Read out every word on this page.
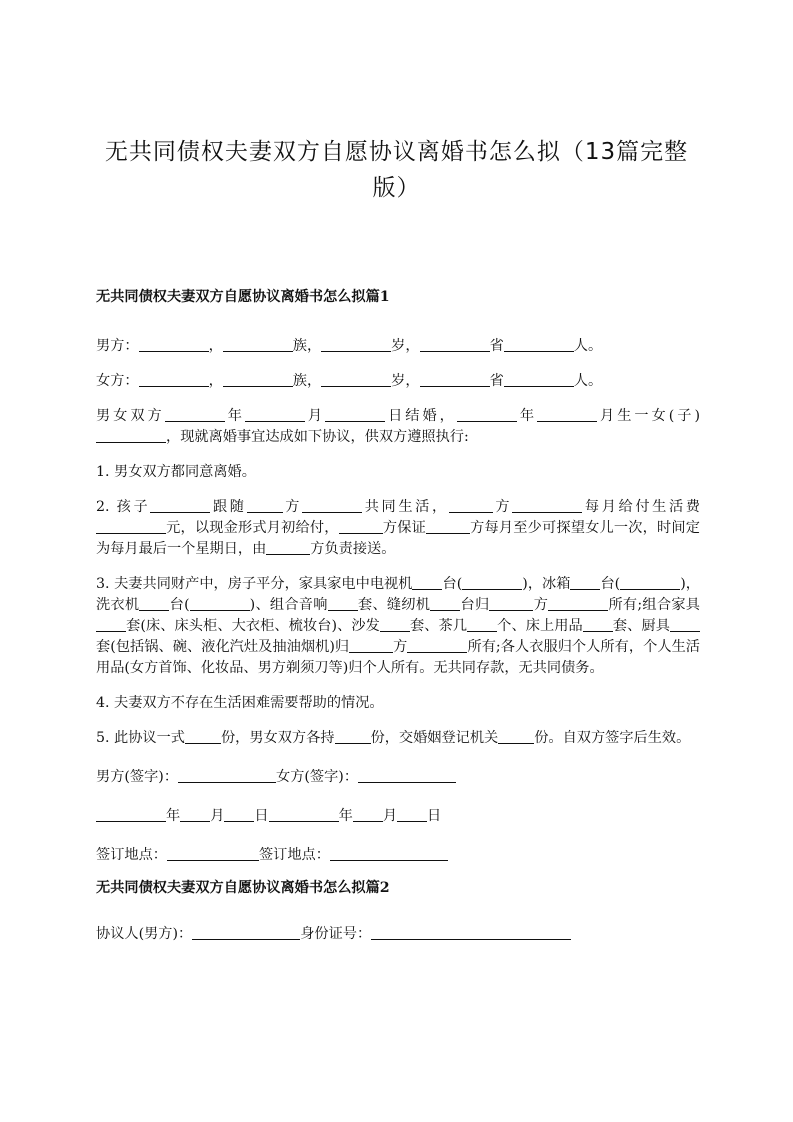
无共同债权夫妻双方自愿协议离婚书怎么拟（13篇完整版）

无共同债权夫妻双方自愿协议离婚书怎么拟篇1

男方：	，	族，	岁，	省	人。

女方：	，	族，	岁，	省	人。

男女双方	年	月	日结婚，	年	月生一女(子)，现就离婚事宜达成如下协议，供双方遵照执行:

1. 男女双方都同意离婚。

2. 孩子	跟随	方	共同生活，	方	每月给付生活费元，以现金形式月初给付，	方保证	方每月至少可探望女儿一次，时间定为每月最后一个星期日，由	方负责接送。

3. 夫妻共同财产中，房子平分，家具家电中电视机 台(	)，冰箱 台(	)，洗衣机 台(	)、组合音响 套、缝纫机 台归	方	所有;组合家具套(床、床头柜、大衣柜、梳妆台)、沙发 套、茶几 个、床上用品 套、厨具套(包括锅、碗、液化汽灶及抽油烟机)归	方	所有;各人衣服归个人所有，个人生活用品(女方首饰、化妆品、男方剃须刀等)归个人所有。无共同存款，无共同债务。

4. 夫妻双方不存在生活困难需要帮助的情况。

5. 此协议一式	份，男女双方各持	份，交婚姻登记机关	份。自双方签字后生效。

男方(签字)：	女方(签字)：

年 月 日	年 月 日

签订地点：	签订地点：

无共同债权夫妻双方自愿协议离婚书怎么拟篇2

协议人(男方)：	身份证号：
